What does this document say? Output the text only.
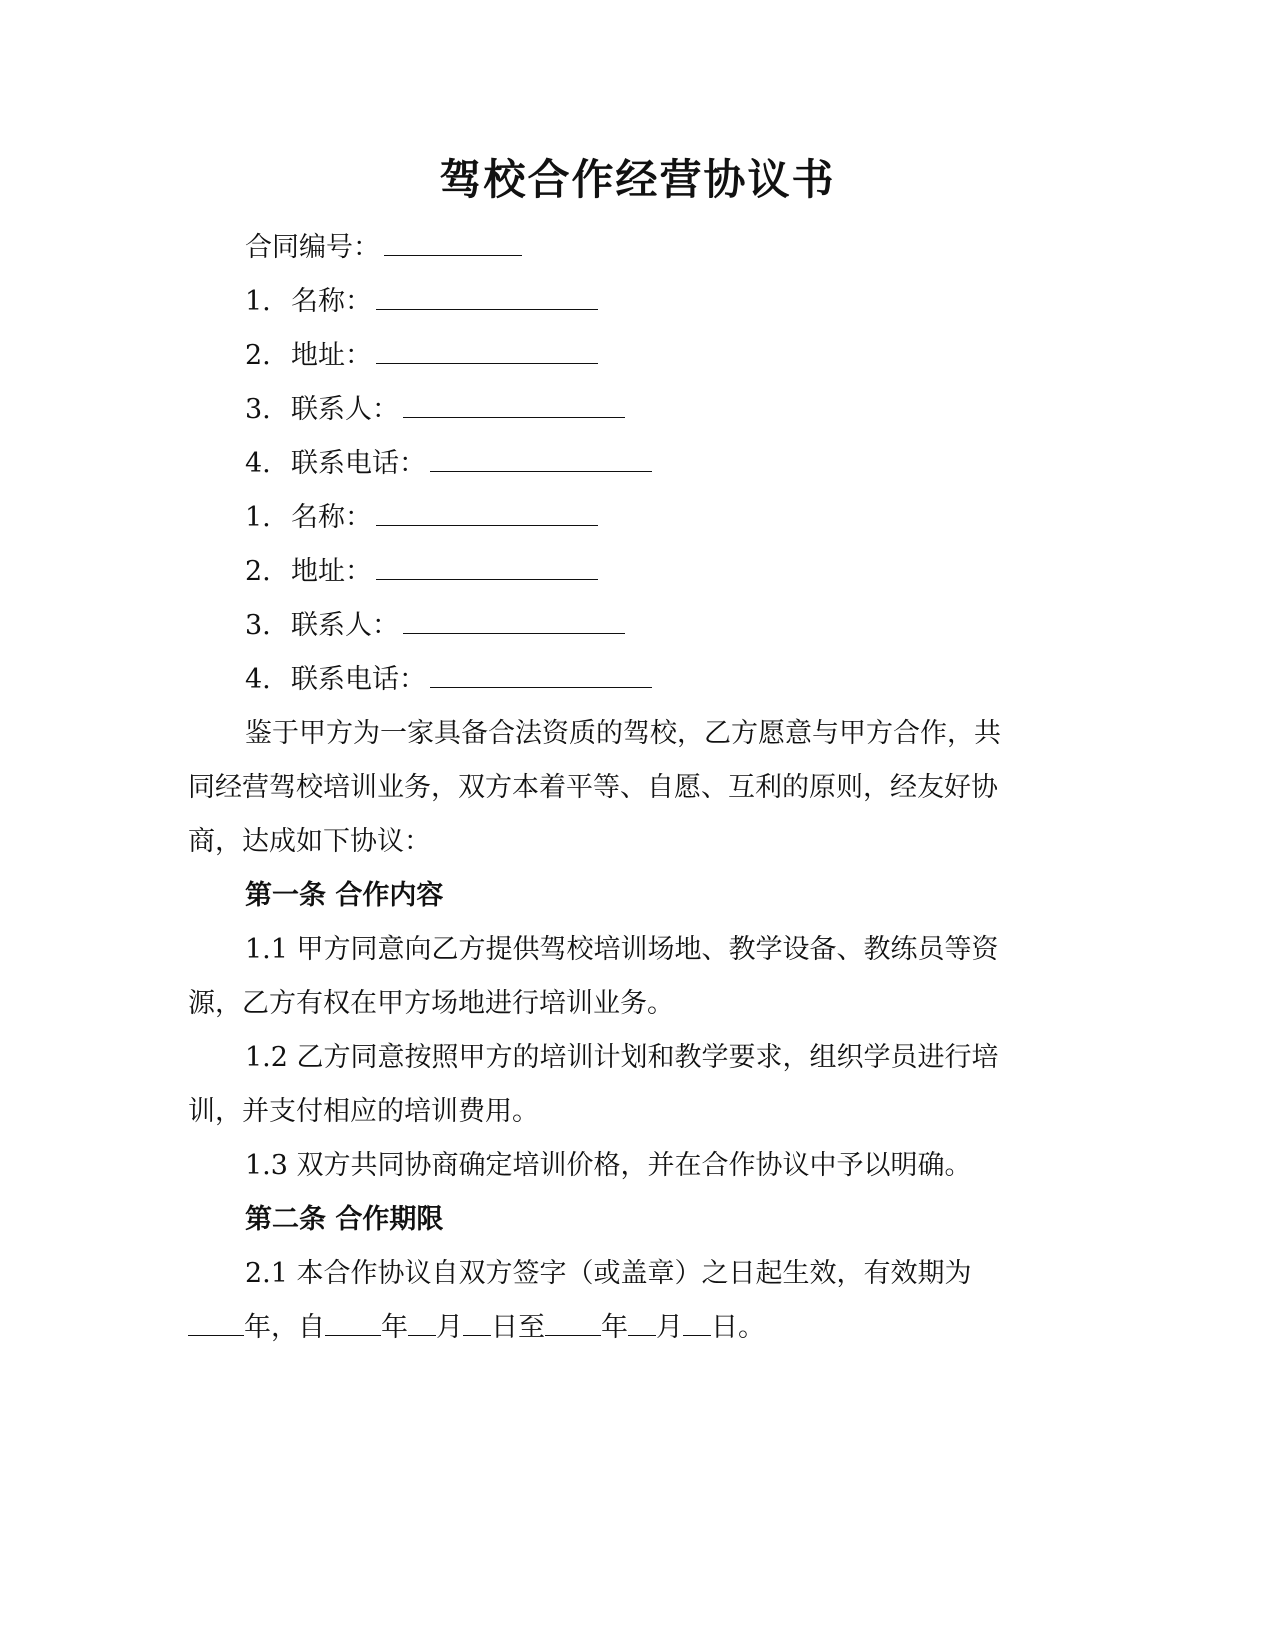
驾校合作经营协议书
合同编号：
1. 名称：
2. 地址：
3. 联系人：
4. 联系电话：
1. 名称：
2. 地址：
3. 联系人：
4. 联系电话：
鉴于甲方为一家具备合法资质的驾校，乙方愿意与甲方合作，共
同经营驾校培训业务，双方本着平等、自愿、互利的原则，经友好协
商，达成如下协议：
第一条 合作内容
1.1 甲方同意向乙方提供驾校培训场地、教学设备、教练员等资
源，乙方有权在甲方场地进行培训业务。
1.2 乙方同意按照甲方的培训计划和教学要求，组织学员进行培
训，并支付相应的培训费用。
1.3 双方共同协商确定培训价格，并在合作协议中予以明确。
第二条 合作期限
2.1 本合作协议自双方签字（或盖章）之日起生效，有效期为
年，自 年 月 日至 年 月 日。
